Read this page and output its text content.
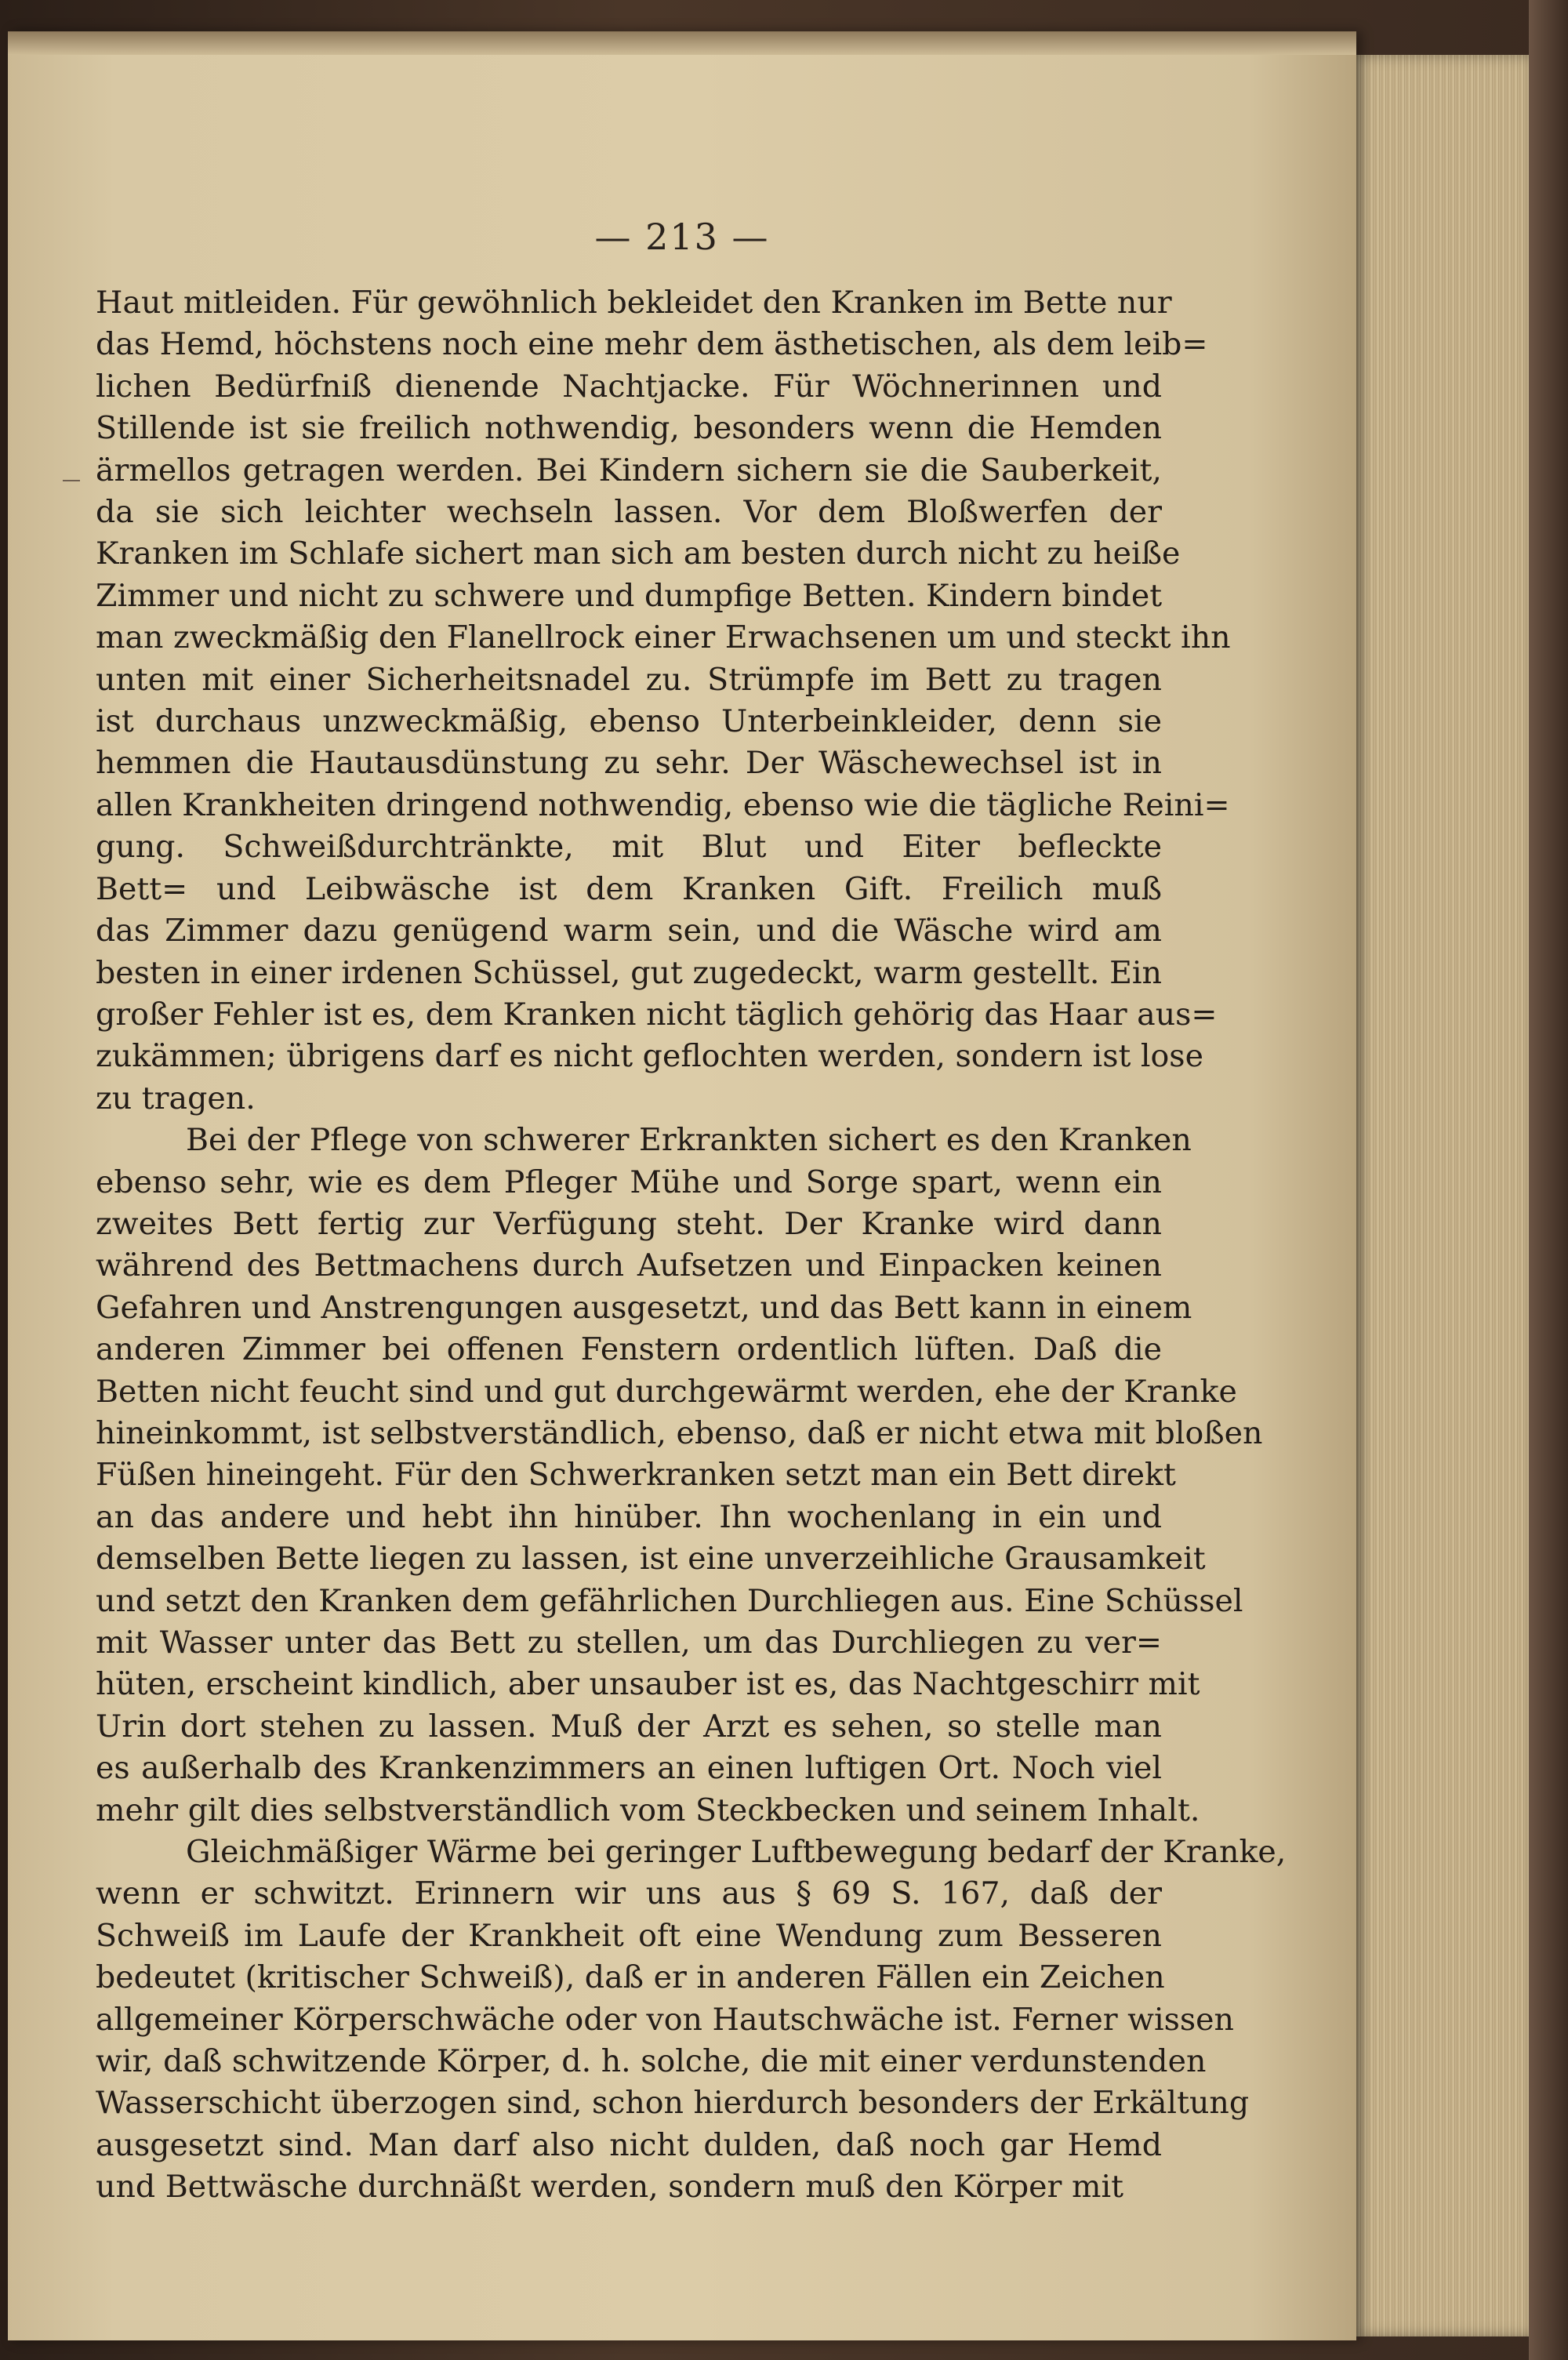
— 213 —

Haut mitleiden. Für gewöhnlich bekleidet den Kranken im Bette nur
das Hemd, höchstens noch eine mehr dem ästhetischen, als dem leib=
lichen Bedürfniß dienende Nachtjacke. Für Wöchnerinnen und
Stillende ist sie freilich nothwendig, besonders wenn die Hemden
ärmellos getragen werden. Bei Kindern sichern sie die Sauberkeit,
da sie sich leichter wechseln lassen. Vor dem Bloßwerfen der
Kranken im Schlafe sichert man sich am besten durch nicht zu heiße
Zimmer und nicht zu schwere und dumpfige Betten. Kindern bindet
man zweckmäßig den Flanellrock einer Erwachsenen um und steckt ihn
unten mit einer Sicherheitsnadel zu. Strümpfe im Bett zu tragen
ist durchaus unzweckmäßig, ebenso Unterbeinkleider, denn sie
hemmen die Hautausdünstung zu sehr. Der Wäschewechsel ist in
allen Krankheiten dringend nothwendig, ebenso wie die tägliche Reini=
gung. Schweißdurchtränkte, mit Blut und Eiter befleckte
Bett= und Leibwäsche ist dem Kranken Gift. Freilich muß
das Zimmer dazu genügend warm sein, und die Wäsche wird am
besten in einer irdenen Schüssel, gut zugedeckt, warm gestellt. Ein
großer Fehler ist es, dem Kranken nicht täglich gehörig das Haar aus=
zukämmen; übrigens darf es nicht geflochten werden, sondern ist lose
zu tragen.

Bei der Pflege von schwerer Erkrankten sichert es den Kranken
ebenso sehr, wie es dem Pfleger Mühe und Sorge spart, wenn ein
zweites Bett fertig zur Verfügung steht. Der Kranke wird dann
während des Bettmachens durch Aufsetzen und Einpacken keinen
Gefahren und Anstrengungen ausgesetzt, und das Bett kann in einem
anderen Zimmer bei offenen Fenstern ordentlich lüften. Daß die
Betten nicht feucht sind und gut durchgewärmt werden, ehe der Kranke
hineinkommt, ist selbstverständlich, ebenso, daß er nicht etwa mit bloßen
Füßen hineingeht. Für den Schwerkranken setzt man ein Bett direkt
an das andere und hebt ihn hinüber. Ihn wochenlang in ein und
demselben Bette liegen zu lassen, ist eine unverzeihliche Grausamkeit
und setzt den Kranken dem gefährlichen Durchliegen aus. Eine Schüssel
mit Wasser unter das Bett zu stellen, um das Durchliegen zu ver=
hüten, erscheint kindlich, aber unsauber ist es, das Nachtgeschirr mit
Urin dort stehen zu lassen. Muß der Arzt es sehen, so stelle man
es außerhalb des Krankenzimmers an einen luftigen Ort. Noch viel
mehr gilt dies selbstverständlich vom Steckbecken und seinem Inhalt.

Gleichmäßiger Wärme bei geringer Luftbewegung bedarf der Kranke,
wenn er schwitzt. Erinnern wir uns aus § 69 S. 167, daß der
Schweiß im Laufe der Krankheit oft eine Wendung zum Besseren
bedeutet (kritischer Schweiß), daß er in anderen Fällen ein Zeichen
allgemeiner Körperschwäche oder von Hautschwäche ist. Ferner wissen
wir, daß schwitzende Körper, d. h. solche, die mit einer verdunstenden
Wasserschicht überzogen sind, schon hierdurch besonders der Erkältung
ausgesetzt sind. Man darf also nicht dulden, daß noch gar Hemd
und Bettwäsche durchnäßt werden, sondern muß den Körper mit
